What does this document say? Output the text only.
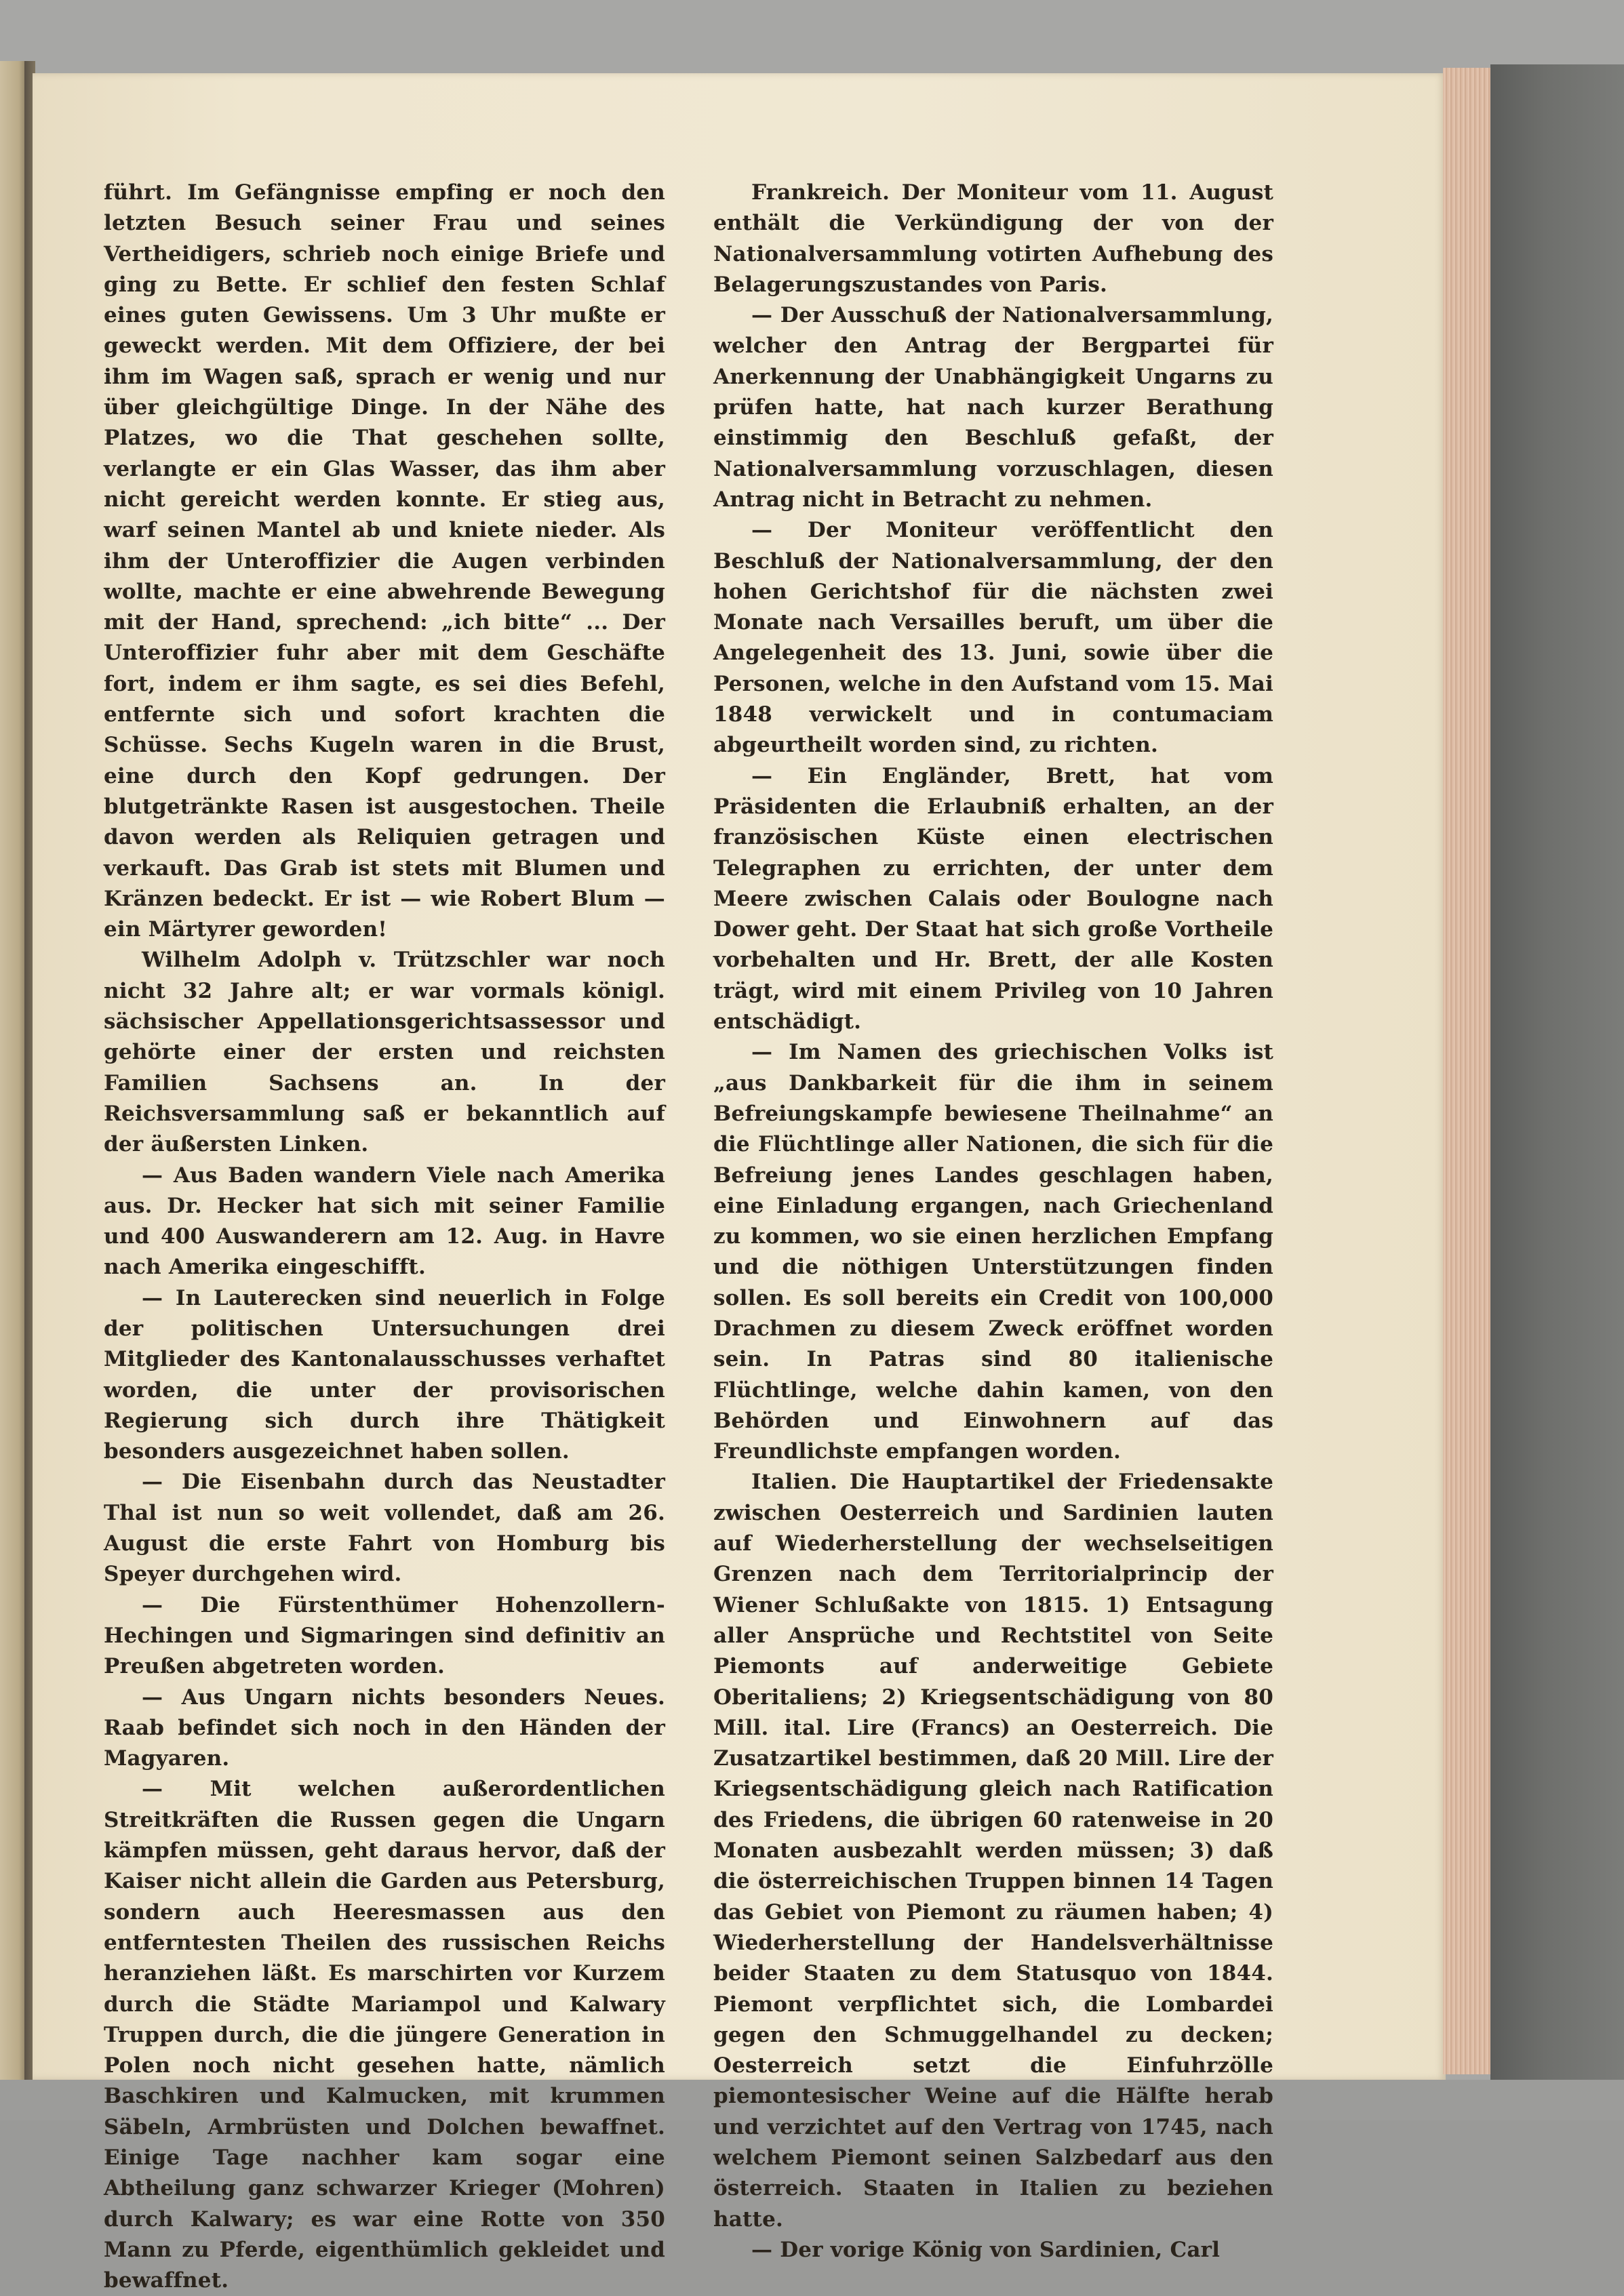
führt. Im Gefängnisse empfing er noch den letzten Besuch seiner Frau und seines Vertheidigers, schrieb noch einige Briefe und ging zu Bette. Er schlief den festen Schlaf eines guten Gewissens. Um 3 Uhr mußte er geweckt werden. Mit dem Offiziere, der bei ihm im Wagen saß, sprach er wenig und nur über gleichgültige Dinge. In der Nähe des Platzes, wo die That geschehen sollte, verlangte er ein Glas Wasser, das ihm aber nicht gereicht werden konnte. Er stieg aus, warf seinen Mantel ab und kniete nieder. Als ihm der Unteroffizier die Augen verbinden wollte, machte er eine abwehrende Bewegung mit der Hand, sprechend: „ich bitte“ ... Der Unteroffizier fuhr aber mit dem Geschäfte fort, indem er ihm sagte, es sei dies Befehl, entfernte sich und sofort krachten die Schüsse. Sechs Kugeln waren in die Brust, eine durch den Kopf gedrungen. Der blutgetränkte Rasen ist ausgestochen. Theile davon werden als Reliquien getragen und verkauft. Das Grab ist stets mit Blumen und Kränzen bedeckt. Er ist — wie Robert Blum — ein Märtyrer geworden!

Wilhelm Adolph v. Trützschler war noch nicht 32 Jahre alt; er war vormals königl. sächsischer Appellationsgerichtsassessor und gehörte einer der ersten und reichsten Familien Sachsens an. In der Reichsversammlung saß er bekanntlich auf der äußersten Linken.

— Aus Baden wandern Viele nach Amerika aus. Dr. Hecker hat sich mit seiner Familie und 400 Auswanderern am 12. Aug. in Havre nach Amerika eingeschifft.

— In Lauterecken sind neuerlich in Folge der politischen Untersuchungen drei Mitglieder des Kantonalausschusses verhaftet worden, die unter der provisorischen Regierung sich durch ihre Thätigkeit besonders ausgezeichnet haben sollen.

— Die Eisenbahn durch das Neustadter Thal ist nun so weit vollendet, daß am 26. August die erste Fahrt von Homburg bis Speyer durchgehen wird.

— Die Fürstenthümer Hohenzollern-Hechingen und Sigmaringen sind definitiv an Preußen abgetreten worden.

— Aus Ungarn nichts besonders Neues. Raab befindet sich noch in den Händen der Magyaren.

— Mit welchen außerordentlichen Streitkräften die Russen gegen die Ungarn kämpfen müssen, geht daraus hervor, daß der Kaiser nicht allein die Garden aus Petersburg, sondern auch Heeresmassen aus den entferntesten Theilen des russischen Reichs heranziehen läßt. Es marschirten vor Kurzem durch die Städte Mariampol und Kalwary Truppen durch, die die jüngere Generation in Polen noch nicht gesehen hatte, nämlich Baschkiren und Kalmucken, mit krummen Säbeln, Armbrüsten und Dolchen bewaffnet. Einige Tage nachher kam sogar eine Abtheilung ganz schwarzer Krieger (Mohren) durch Kalwary; es war eine Rotte von 350 Mann zu Pferde, eigenthümlich gekleidet und bewaffnet.

Frankreich. Der Moniteur vom 11. August enthält die Verkündigung der von der Nationalversammlung votirten Aufhebung des Belagerungszustandes von Paris.

— Der Ausschuß der Nationalversammlung, welcher den Antrag der Bergpartei für Anerkennung der Unabhängigkeit Ungarns zu prüfen hatte, hat nach kurzer Berathung einstimmig den Beschluß gefaßt, der Nationalversammlung vorzuschlagen, diesen Antrag nicht in Betracht zu nehmen.

— Der Moniteur veröffentlicht den Beschluß der Nationalversammlung, der den hohen Gerichtshof für die nächsten zwei Monate nach Versailles beruft, um über die Angelegenheit des 13. Juni, sowie über die Personen, welche in den Aufstand vom 15. Mai 1848 verwickelt und in contumaciam abgeurtheilt worden sind, zu richten.

— Ein Engländer, Brett, hat vom Präsidenten die Erlaubniß erhalten, an der französischen Küste einen electrischen Telegraphen zu errichten, der unter dem Meere zwischen Calais oder Boulogne nach Dower geht. Der Staat hat sich große Vortheile vorbehalten und Hr. Brett, der alle Kosten trägt, wird mit einem Privileg von 10 Jahren entschädigt.

— Im Namen des griechischen Volks ist „aus Dankbarkeit für die ihm in seinem Befreiungskampfe bewiesene Theilnahme“ an die Flüchtlinge aller Nationen, die sich für die Befreiung jenes Landes geschlagen haben, eine Einladung ergangen, nach Griechenland zu kommen, wo sie einen herzlichen Empfang und die nöthigen Unterstützungen finden sollen. Es soll bereits ein Credit von 100,000 Drachmen zu diesem Zweck eröffnet worden sein. In Patras sind 80 italienische Flüchtlinge, welche dahin kamen, von den Behörden und Einwohnern auf das Freundlichste empfangen worden.

Italien. Die Hauptartikel der Friedensakte zwischen Oesterreich und Sardinien lauten auf Wiederherstellung der wechselseitigen Grenzen nach dem Territorialprincip der Wiener Schlußakte von 1815. 1) Entsagung aller Ansprüche und Rechtstitel von Seite Piemonts auf anderweitige Gebiete Oberitaliens; 2) Kriegsentschädigung von 80 Mill. ital. Lire (Francs) an Oesterreich. Die Zusatzartikel bestimmen, daß 20 Mill. Lire der Kriegsentschädigung gleich nach Ratification des Friedens, die übrigen 60 ratenweise in 20 Monaten ausbezahlt werden müssen; 3) daß die österreichischen Truppen binnen 14 Tagen das Gebiet von Piemont zu räumen haben; 4) Wiederherstellung der Handelsverhältnisse beider Staaten zu dem Statusquo von 1844. Piemont verpflichtet sich, die Lombardei gegen den Schmuggelhandel zu decken; Oesterreich setzt die Einfuhrzölle piemontesischer Weine auf die Hälfte herab und verzichtet auf den Vertrag von 1745, nach welchem Piemont seinen Salzbedarf aus den österreich. Staaten in Italien zu beziehen hatte.

— Der vorige König von Sardinien, Carl
